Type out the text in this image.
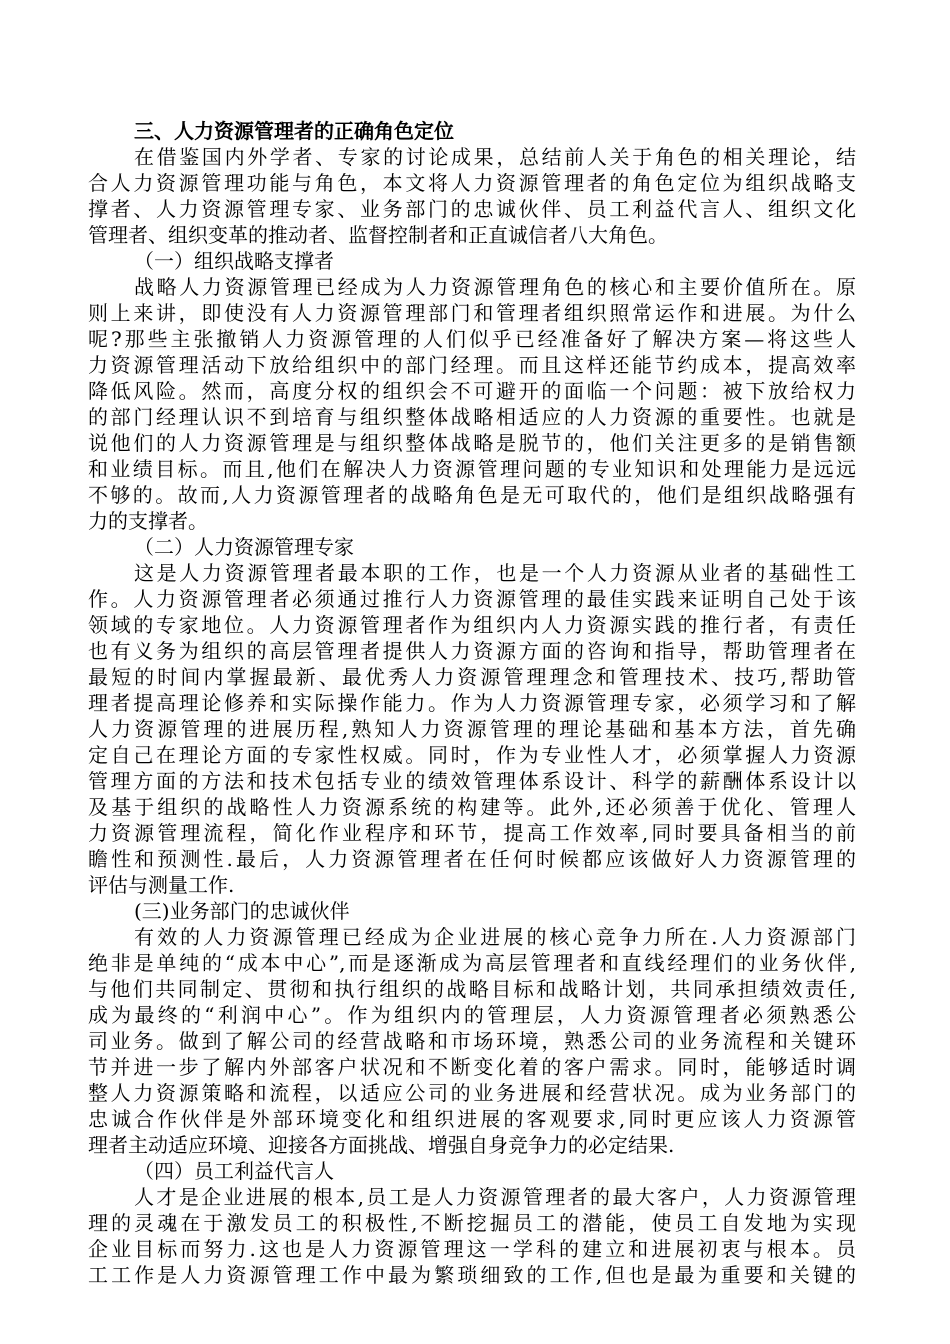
三、人力资源管理者的正确角色定位
在借鉴国内外学者、专家的讨论成果，总结前人关于角色的相关理论，结
合人力资源管理功能与角色，本文将人力资源管理者的角色定位为组织战略支
撑者、人力资源管理专家、业务部门的忠诚伙伴、员工利益代言人、组织文化
管理者、组织变革的推动者、监督控制者和正直诚信者八大角色。
（一）组织战略支撑者
战略人力资源管理已经成为人力资源管理角色的核心和主要价值所在。原
则上来讲，即使没有人力资源管理部门和管理者组织照常运作和进展。为什么
呢?那些主张撤销人力资源管理的人们似乎已经准备好了解决方案—将这些人
力资源管理活动下放给组织中的部门经理。而且这样还能节约成本，提高效率
降低风险。然而，高度分权的组织会不可避开的面临一个问题：被下放给权力
的部门经理认识不到培育与组织整体战略相适应的人力资源的重要性。也就是
说他们的人力资源管理是与组织整体战略是脱节的，他们关注更多的是销售额
和业绩目标。而且,他们在解决人力资源管理问题的专业知识和处理能力是远远
不够的。故而,人力资源管理者的战略角色是无可取代的，他们是组织战略强有
力的支撑者。
（二）人力资源管理专家
这是人力资源管理者最本职的工作，也是一个人力资源从业者的基础性工
作。人力资源管理者必须通过推行人力资源管理的最佳实践来证明自己处于该
领域的专家地位。人力资源管理者作为组织内人力资源实践的推行者，有责任
也有义务为组织的高层管理者提供人力资源方面的咨询和指导，帮助管理者在
最短的时间内掌握最新、最优秀人力资源管理理念和管理技术、技巧,帮助管
理者提高理论修养和实际操作能力。作为人力资源管理专家，必须学习和了解
人力资源管理的进展历程,熟知人力资源管理的理论基础和基本方法，首先确
定自己在理论方面的专家性权威。同时，作为专业性人才，必须掌握人力资源
管理方面的方法和技术包括专业的绩效管理体系设计、科学的薪酬体系设计以
及基于组织的战略性人力资源系统的构建等。此外,还必须善于优化、管理人
力资源管理流程，简化作业程序和环节，提高工作效率,同时要具备相当的前
瞻性和预测性.最后，人力资源管理者在任何时候都应该做好人力资源管理的
评估与测量工作.
(三)业务部门的忠诚伙伴
有效的人力资源管理已经成为企业进展的核心竞争力所在.人力资源部门
绝非是单纯的“成本中心”,而是逐渐成为高层管理者和直线经理们的业务伙伴,
与他们共同制定、贯彻和执行组织的战略目标和战略计划，共同承担绩效责任,
成为最终的“利润中心”。作为组织内的管理层，人力资源管理者必须熟悉公
司业务。做到了解公司的经营战略和市场环境，熟悉公司的业务流程和关键环
节并进一步了解内外部客户状况和不断变化着的客户需求。同时，能够适时调
整人力资源策略和流程，以适应公司的业务进展和经营状况。成为业务部门的
忠诚合作伙伴是外部环境变化和组织进展的客观要求,同时更应该人力资源管
理者主动适应环境、迎接各方面挑战、增强自身竞争力的必定结果.
（四）员工利益代言人
人才是企业进展的根本,员工是人力资源管理者的最大客户，人力资源管理
理的灵魂在于激发员工的积极性,不断挖掘员工的潜能，使员工自发地为实现
企业目标而努力.这也是人力资源管理这一学科的建立和进展初衷与根本。员
工工作是人力资源管理工作中最为繁琐细致的工作,但也是最为重要和关键的
